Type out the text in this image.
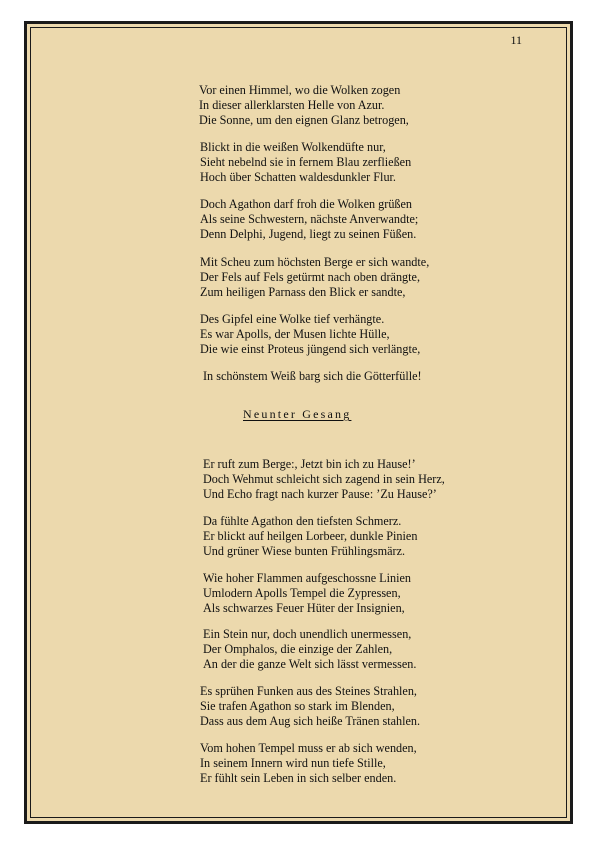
11
Vor einen Himmel, wo die Wolken zogen
In dieser allerklarsten Helle von Azur.
Die Sonne, um den eignen Glanz betrogen,
Blickt in die weißen Wolkendüfte nur,
Sieht nebelnd sie in fernem Blau zerfließen
Hoch über Schatten waldesdunkler Flur.
Doch Agathon darf froh die Wolken grüßen
Als seine Schwestern, nächste Anverwandte;
Denn Delphi, Jugend, liegt zu seinen Füßen.
Mit Scheu zum höchsten Berge er sich wandte,
Der Fels auf Fels getürmt nach oben drängte,
Zum heiligen Parnass den Blick er sandte,
Des Gipfel eine Wolke tief verhängte.
Es war Apolls, der Musen lichte Hülle,
Die wie einst Proteus jüngend sich verlängte,
In schönstem Weiß barg sich die Götterfülle!
Neunter Gesang
Er ruft zum Berge:, Jetzt bin ich zu Hause!’
Doch Wehmut schleicht sich zagend in sein Herz,
Und Echo fragt nach kurzer Pause: ’Zu Hause?’
Da fühlte Agathon den tiefsten Schmerz.
Er blickt auf heilgen Lorbeer, dunkle Pinien
Und grüner Wiese bunten Frühlingsmärz.
Wie hoher Flammen aufgeschossne Linien
Umlodern Apolls Tempel die Zypressen,
Als schwarzes Feuer Hüter der Insignien,
Ein Stein nur, doch unendlich unermessen,
Der Omphalos, die einzige der Zahlen,
An der die ganze Welt sich lässt vermessen.
Es sprühen Funken aus des Steines Strahlen,
Sie trafen Agathon so stark im Blenden,
Dass aus dem Aug sich heiße Tränen stahlen.
Vom hohen Tempel muss er ab sich wenden,
In seinem Innern wird nun tiefe Stille,
Er fühlt sein Leben in sich selber enden.
